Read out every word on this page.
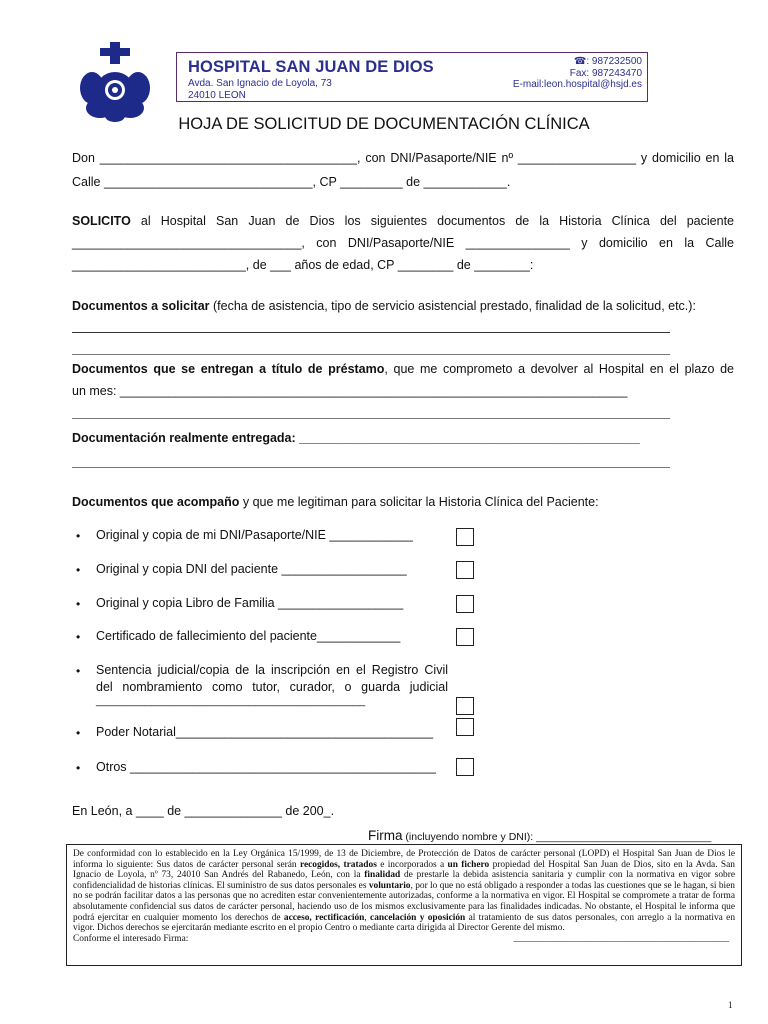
HOSPITAL SAN JUAN DE DIOS
Avda. San Ignacio de Loyola, 73
24010 LEON
☎: 987232500
Fax: 987243470
E-mail:leon.hospital@hsjd.es
HOJA DE SOLICITUD DE DOCUMENTACIÓN CLÍNICA
Don _____________________________________, con DNI/Pasaporte/NIE nº _________________ y domicilio en la
Calle ______________________________, CP _________ de ____________.
SOLICITO al Hospital San Juan de Dios los siguientes documentos de la Historia Clínica del paciente
_________________________________, con DNI/Pasaporte/NIE _______________ y domicilio en la Calle
_________________________, de ___ años de edad, CP ________ de ________:
Documentos a solicitar (fecha de asistencia, tipo de servicio asistencial prestado, finalidad de la solicitud, etc.):
Documentos que se entregan a título de préstamo, que me comprometo a devolver al Hospital en el plazo de
un mes: _________________________________________________________________________
Documentación realmente entregada: _________________________________________________
Documentos que acompaño y que me legitiman para solicitar la Historia Clínica del Paciente:
• Original y copia de mi DNI/Pasaporte/NIE ____________
• Original y copia DNI del paciente __________________
• Original y copia Libro de Familia __________________
• Certificado de fallecimiento del paciente____________
• Sentencia judicial/copia de la inscripción en el Registro Civil
del nombramiento como tutor, curador, o guarda judicial
____________________________________________
• Poder Notarial_____________________________________
• Otros ____________________________________________
En León, a ____ de ______________ de 200_.
Firma (incluyendo nombre y DNI): ______________________________
De conformidad con lo establecido en la Ley Orgánica 15/1999, de 13 de Diciembre, de Protección de Datos de carácter personal (LOPD) el Hospital San Juan de Dios le informa lo siguiente: Sus datos de carácter personal serán recogidos, tratados e incorporados a un fichero propiedad del Hospital San Juan de Dios, sito en la Avda. San Ignacio de Loyola, nº 73, 24010 San Andrés del Rabanedo, León, con la finalidad de prestarle la debida asistencia sanitaria y cumplir con la normativa en vigor sobre confidencialidad de historias clínicas. El suministro de sus datos personales es voluntario, por lo que no está obligado a responder a todas las cuestiones que se le hagan, si bien no se podrán facilitar datos a las personas que no acrediten estar convenientemente autorizadas, conforme a la normativa en vigor. El Hospital se compromete a tratar de forma absolutamente confidencial sus datos de carácter personal, haciendo uso de los mismos exclusivamente para las finalidades indicadas. No obstante, el Hospital le informa que podrá ejercitar en cualquier momento los derechos de acceso, rectificación, cancelación y oposición al tratamiento de sus datos personales, con arreglo a la normativa en vigor. Dichos derechos se ejercitarán mediante escrito en el propio Centro o mediante carta dirigida al Director Gerente del mismo.
Conforme el interesado Firma:	______________________________________________
1
